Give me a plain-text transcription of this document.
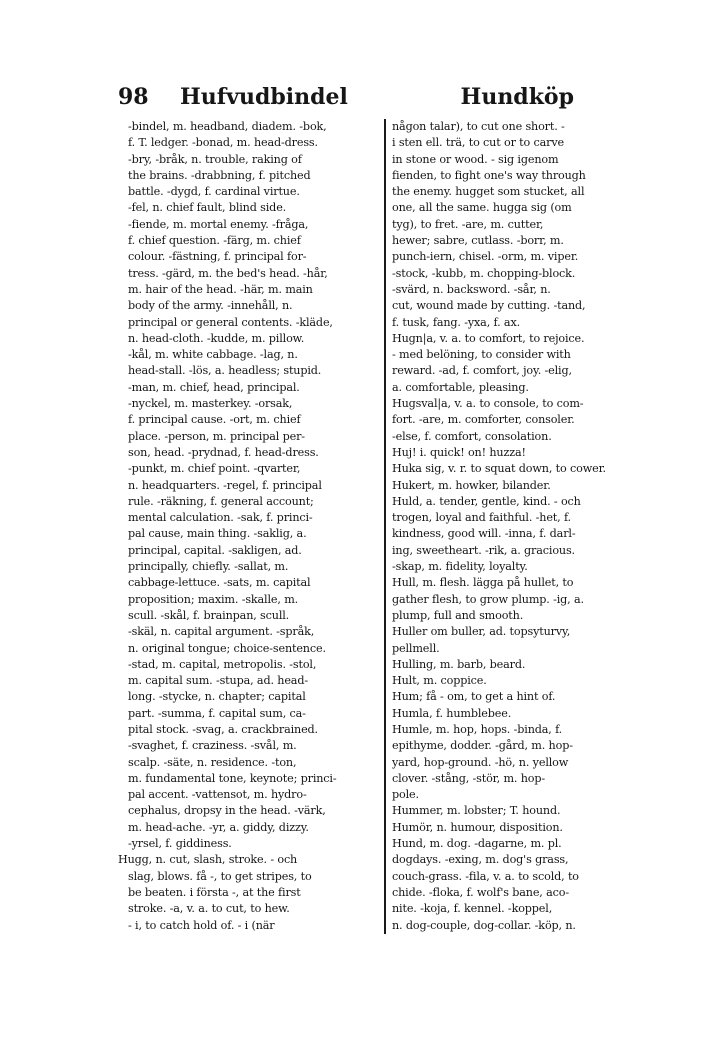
98 Hufvudbindel	Hundköp
-bindel, m. headband, diadem. -bok,
f. T. ledger. -bonad, m. head-dress.
-bry, -bråk, n. trouble, raking of
the brains. -drabbning, f. pitched
battle. -dygd, f. cardinal virtue.
-fel, n. chief fault, blind side.
-fiende, m. mortal enemy. -fråga,
f. chief question. -färg, m. chief
colour. -fästning, f. principal for-
tress. -gärd, m. the bed's head. -hår,
m. hair of the head. -här, m. main
body of the army. -innehåll, n.
principal or general contents. -kläde,
n. head-cloth. -kudde, m. pillow.
-kål, m. white cabbage. -lag, n.
head-stall. -lös, a. headless; stupid.
-man, m. chief, head, principal.
-nyckel, m. masterkey. -orsak,
f. principal cause. -ort, m. chief
place. -person, m. principal per-
son, head. -prydnad, f. head-dress.
-punkt, m. chief point. -qvarter,
n. headquarters. -regel, f. principal
rule. -räkning, f. general account;
mental calculation. -sak, f. princi-
pal cause, main thing. -saklig, a.
principal, capital. -sakligen, ad.
principally, chiefly. -sallat, m.
cabbage-lettuce. -sats, m. capital
proposition; maxim. -skalle, m.
scull. -skål, f. brainpan, scull.
-skäl, n. capital argument. -språk,
n. original tongue; choice-sentence.
-stad, m. capital, metropolis. -stol,
m. capital sum. -stupa, ad. head-
long. -stycke, n. chapter; capital
part. -summa, f. capital sum, ca-
pital stock. -svag, a. crackbrained.
-svaghet, f. craziness. -svål, m.
scalp. -säte, n. residence. -ton,
m. fundamental tone, keynote; princi-
pal accent. -vattensot, m. hydro-
cephalus, dropsy in the head. -värk,
m. head-ache. -yr, a. giddy, dizzy.
-yrsel, f. giddiness.
Hugg, n. cut, slash, stroke. - och
slag, blows. få -, to get stripes, to
be beaten. i första -, at the first
stroke. -a, v. a. to cut, to hew.
- i, to catch hold of. - i (när
någon talar), to cut one short. -
i sten ell. trä, to cut or to carve
in stone or wood. - sig igenom
fienden, to fight one's way through
the enemy. hugget som stucket, all
one, all the same. hugga sig (om
tyg), to fret. -are, m. cutter,
hewer; sabre, cutlass. -borr, m.
punch-iern, chisel. -orm, m. viper.
-stock, -kubb, m. chopping-block.
-svärd, n. backsword. -sår, n.
cut, wound made by cutting. -tand,
f. tusk, fang. -yxa, f. ax.
Hugn|a, v. a. to comfort, to rejoice.
- med belöning, to consider with
reward. -ad, f. comfort, joy. -elig,
a. comfortable, pleasing.
Hugsval|a, v. a. to console, to com-
fort. -are, m. comforter, consoler.
-else, f. comfort, consolation.
Huj! i. quick! on! huzza!
Huka sig, v. r. to squat down, to cower.
Hukert, m. howker, bilander.
Huld, a. tender, gentle, kind. - och
trogen, loyal and faithful. -het, f.
kindness, good will. -inna, f. darl-
ing, sweetheart. -rik, a. gracious.
-skap, m. fidelity, loyalty.
Hull, m. flesh. lägga på hullet, to
gather flesh, to grow plump. -ig, a.
plump, full and smooth.
Huller om buller, ad. topsyturvy,
pellmell.
Hulling, m. barb, beard.
Hult, m. coppice.
Hum; få - om, to get a hint of.
Humla, f. humblebee.
Humle, m. hop, hops. -binda, f.
epithyme, dodder. -gård, m. hop-
yard, hop-ground. -hö, n. yellow
clover. -stång, -stör, m. hop-
pole.
Hummer, m. lobster; T. hound.
Humör, n. humour, disposition.
Hund, m. dog. -dagarne, m. pl.
dogdays. -exing, m. dog's grass,
couch-grass. -fila, v. a. to scold, to
chide. -floka, f. wolf's bane, aco-
nite. -koja, f. kennel. -koppel,
n. dog-couple, dog-collar. -köp, n.
